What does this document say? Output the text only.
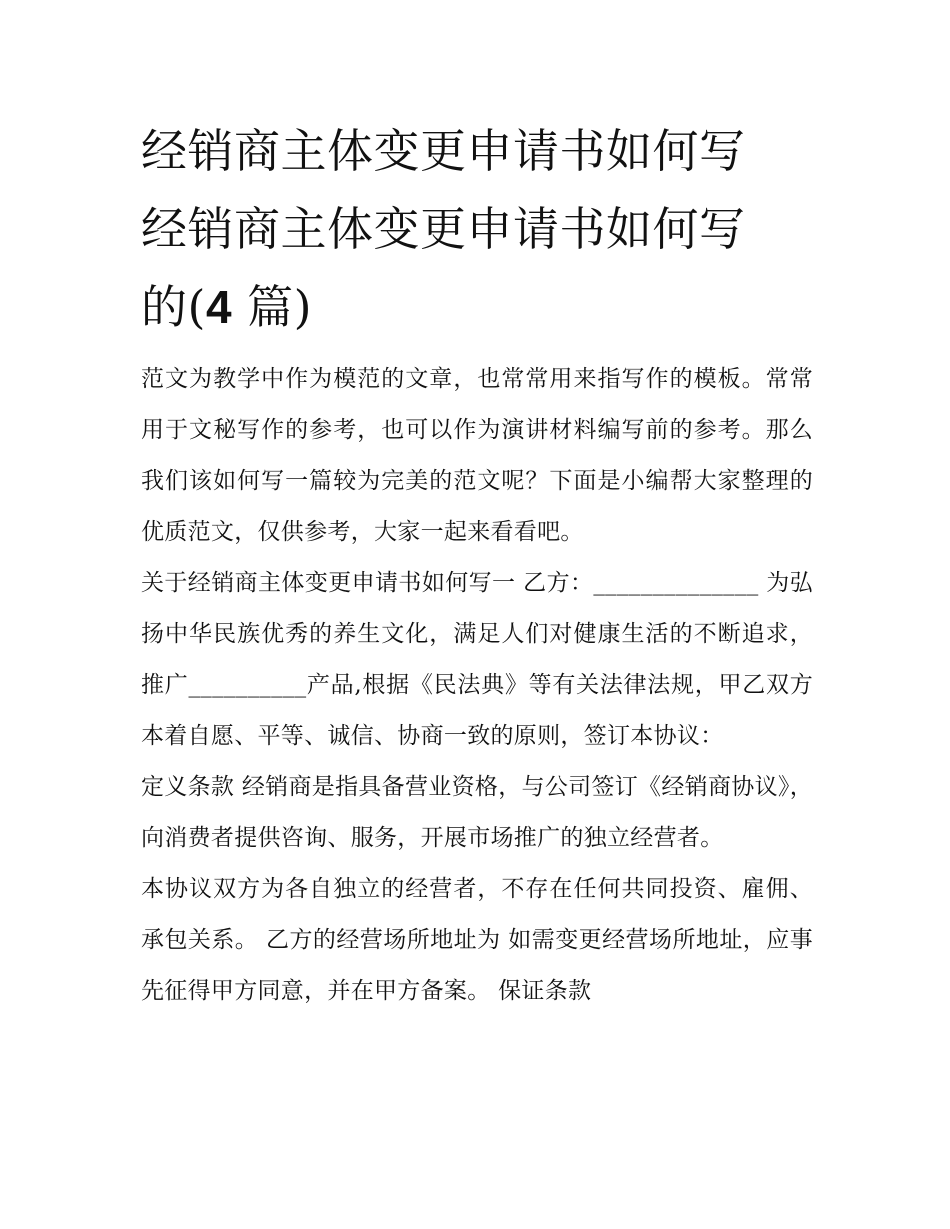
经销商主体变更申请书如何写
经销商主体变更申请书如何写
的(4 篇)

范文为教学中作为模范的文章，也常常用来指写作的模板。常常用于文秘写作的参考，也可以作为演讲材料编写前的参考。那么我们该如何写一篇较为完美的范文呢？下面是小编帮大家整理的优质范文，仅供参考，大家一起来看看吧。

关于经销商主体变更申请书如何写一 乙方：______________ 为弘扬中华民族优秀的养生文化，满足人们对健康生活的不断追求，推广__________产品,根据《民法典》等有关法律法规，甲乙双方本着自愿、平等、诚信、协商一致的原则，签订本协议：

定义条款 经销商是指具备营业资格，与公司签订《经销商协议》，向消费者提供咨询、服务，开展市场推广的独立经营者。

本协议双方为各自独立的经营者，不存在任何共同投资、雇佣、承包关系。 乙方的经营场所地址为 如需变更经营场所地址，应事先征得甲方同意，并在甲方备案。 保证条款
